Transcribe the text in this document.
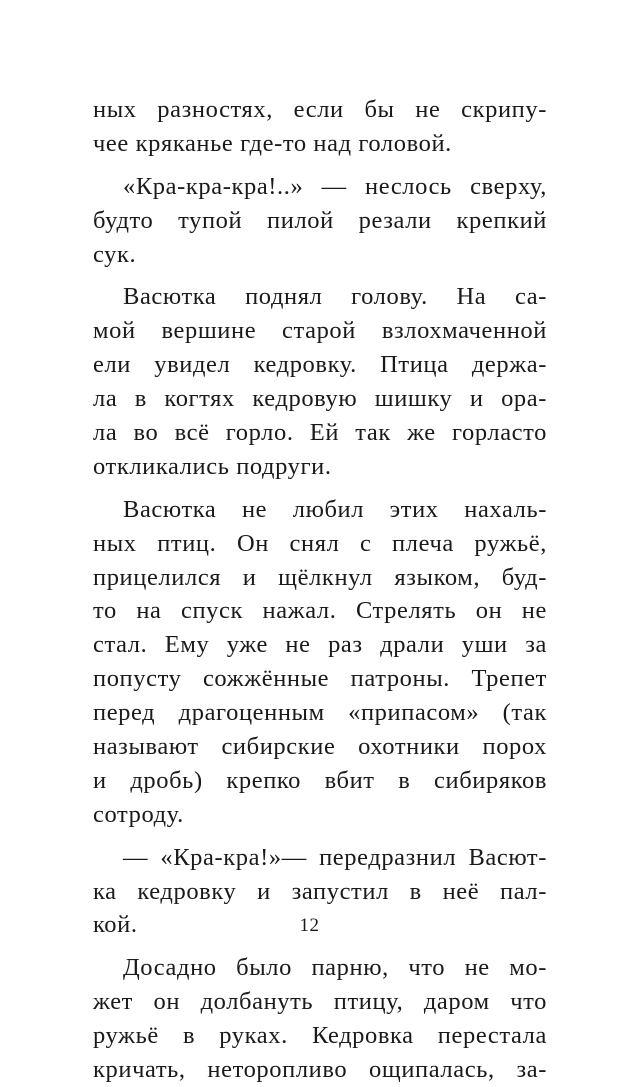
ных разностях, если бы не скрипу-
чее кряканье где-то над головой.
«Кра-кра-кра!..» — неслось сверху,
будто тупой пилой резали крепкий
сук.
Васютка поднял голову. На са-
мой вершине старой взлохмаченной
ели увидел кедровку. Птица держа-
ла в когтях кедровую шишку и ора-
ла во всё горло. Ей так же горласто
откликались подруги.
Васютка не любил этих нахаль-
ных птиц. Он снял с плеча ружьё,
прицелился и щёлкнул языком, буд-
то на спуск нажал. Стрелять он не
стал. Ему уже не раз драли уши за
попусту сожжённые патроны. Трепет
перед драгоценным «припасом» (так
называют сибирские охотники порох
и дробь) крепко вбит в сибиряков
сотроду.
— «Кра-кра!»— передразнил Васют-
ка кедровку и запустил в неё пал-
кой.
Досадно было парню, что не мо-
жет он долбануть птицу, даром что
ружьё в руках. Кедровка перестала
кричать, неторопливо ощипалась, за-
12
